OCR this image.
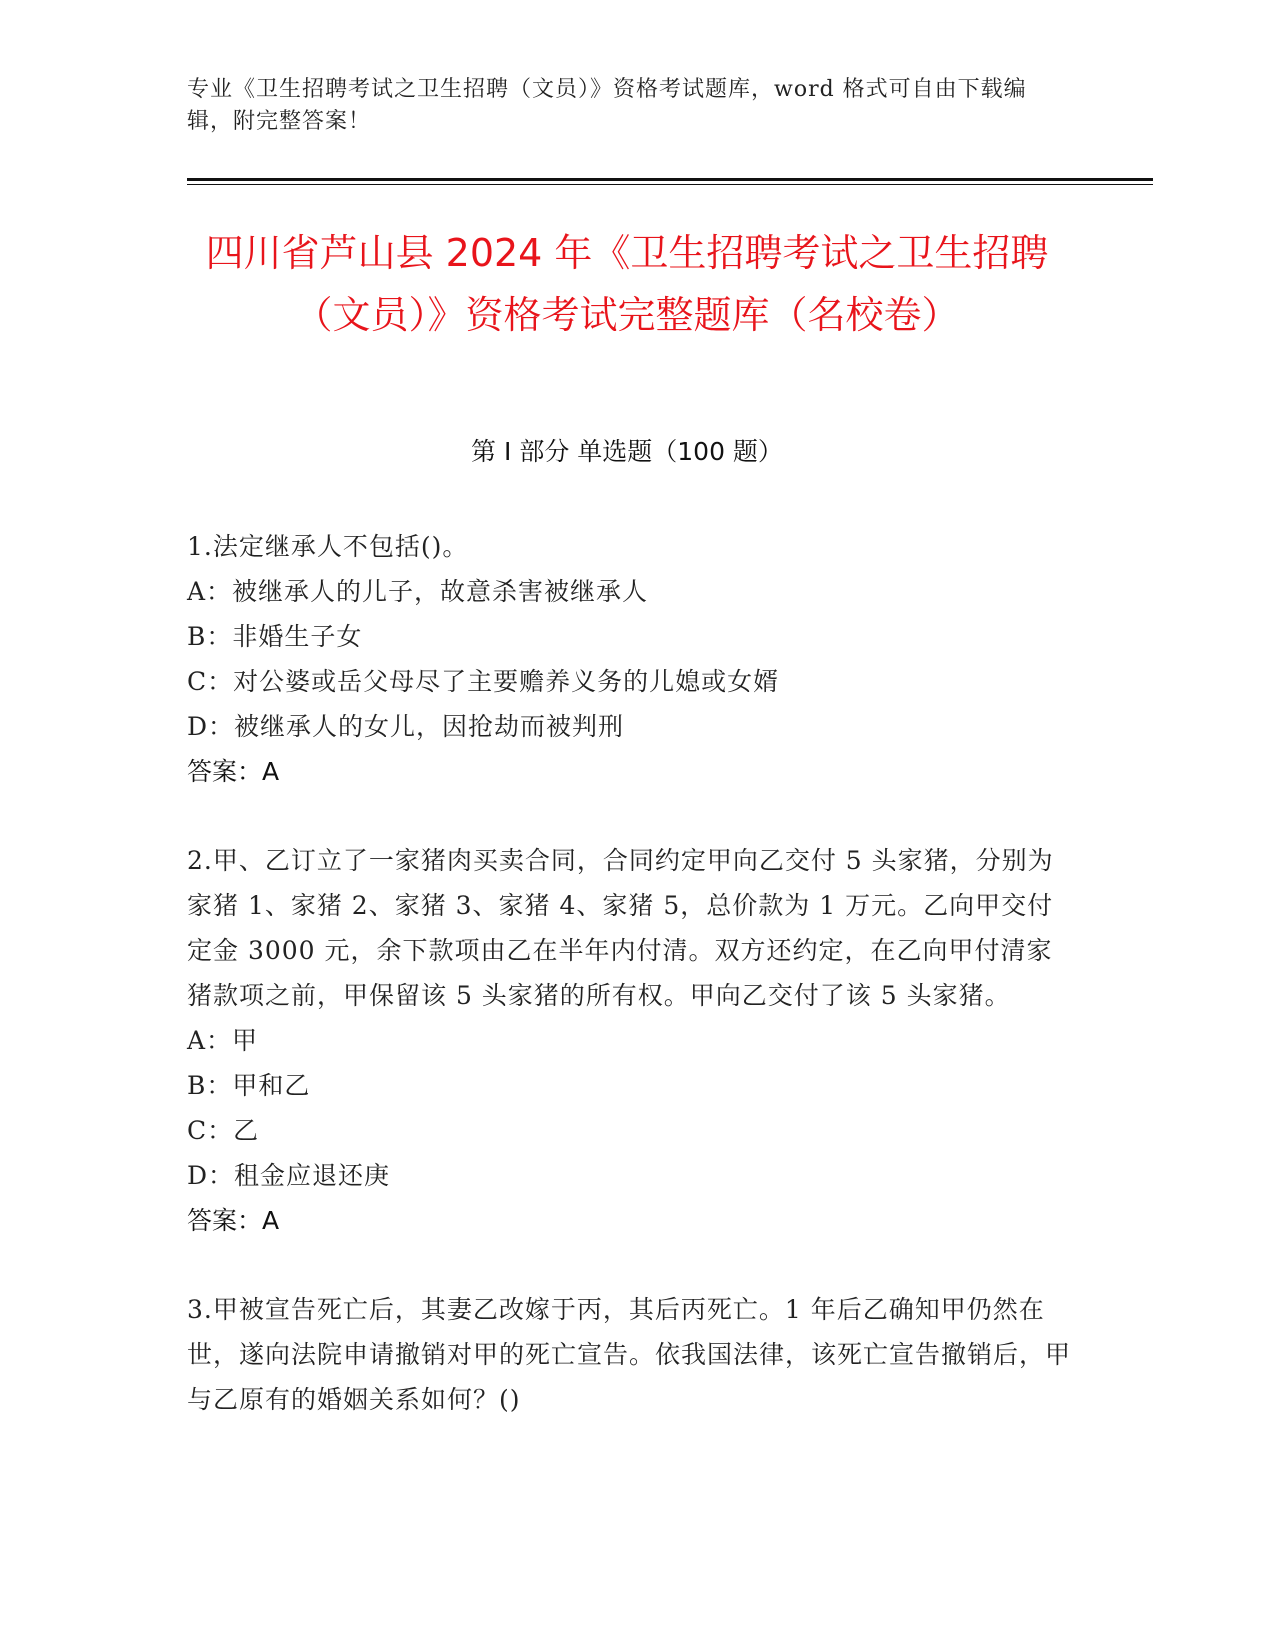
专业《卫生招聘考试之卫生招聘（文员）》资格考试题库，word 格式可自由下载编辑，附完整答案！
四川省芦山县 2024 年《卫生招聘考试之卫生招聘（文员）》资格考试完整题库（名校卷）
第 I 部分 单选题（100 题）
1.法定继承人不包括()。
A：被继承人的儿子，故意杀害被继承人
B：非婚生子女
C：对公婆或岳父母尽了主要赡养义务的儿媳或女婿
D：被继承人的女儿，因抢劫而被判刑
答案：A
2.甲、乙订立了一家猪肉买卖合同，合同约定甲向乙交付 5 头家猪，分别为家猪 1、家猪 2、家猪 3、家猪 4、家猪 5，总价款为 1 万元。乙向甲交付定金 3000 元，余下款项由乙在半年内付清。双方还约定，在乙向甲付清家猪款项之前，甲保留该 5 头家猪的所有权。甲向乙交付了该 5 头家猪。
A：甲
B：甲和乙
C：乙
D：租金应退还庚
答案：A
3.甲被宣告死亡后，其妻乙改嫁于丙，其后丙死亡。1 年后乙确知甲仍然在世，遂向法院申请撤销对甲的死亡宣告。依我国法律，该死亡宣告撤销后，甲与乙原有的婚姻关系如何？()
